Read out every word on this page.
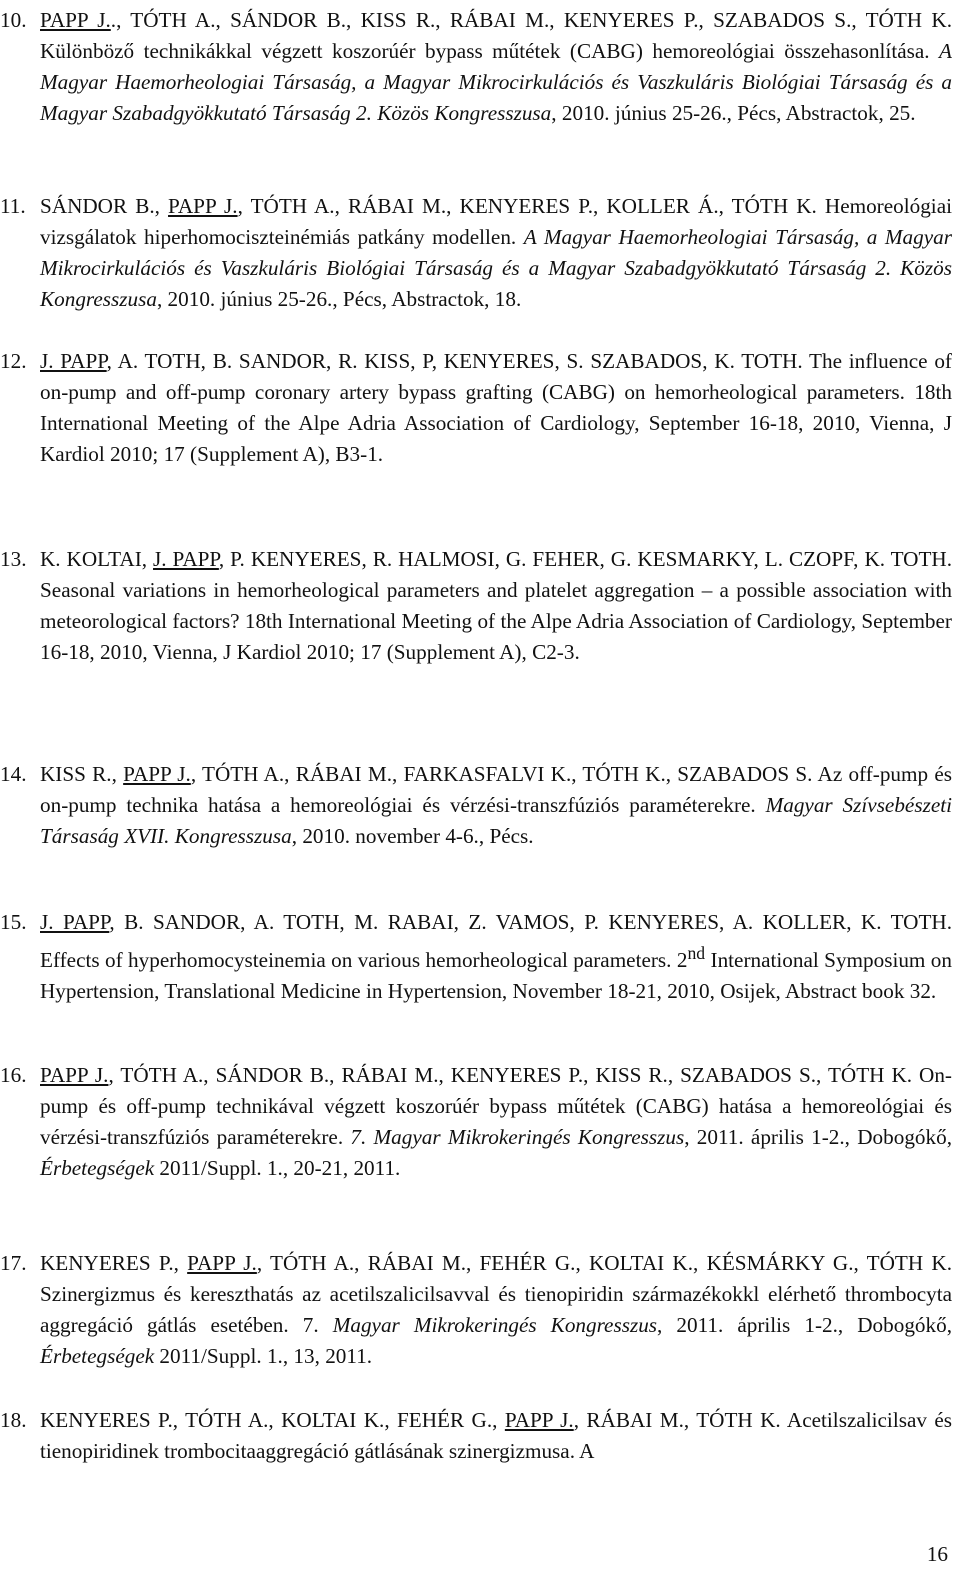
10. PAPP J.., TÓTH A., SÁNDOR B., KISS R., RÁBAI M., KENYERES P., SZABADOS S., TÓTH K. Különböző technikákkal végzett koszorúér bypass műtétek (CABG) hemoreológiai összehasonlítása. A Magyar Haemorheologiai Társaság, a Magyar Mikrocirkulációs és Vaszkuláris Biológiai Társaság és a Magyar Szabadgyökkutató Társaság 2. Közös Kongresszusa, 2010. június 25-26., Pécs, Abstractok, 25.
11. SÁNDOR B., PAPP J., TÓTH A., RÁBAI M., KENYERES P., KOLLER Á., TÓTH K. Hemoreológiai vizsgálatok hiperhomociszteinémiás patkány modellen. A Magyar Haemorheologiai Társaság, a Magyar Mikrocirkulációs és Vaszkuláris Biológiai Társaság és a Magyar Szabadgyökkutató Társaság 2. Közös Kongresszusa, 2010. június 25-26., Pécs, Abstractok, 18.
12. J. PAPP, A. TOTH, B. SANDOR, R. KISS, P, KENYERES, S. SZABADOS, K. TOTH. The influence of on-pump and off-pump coronary artery bypass grafting (CABG) on hemorheological parameters. 18th International Meeting of the Alpe Adria Association of Cardiology, September 16-18, 2010, Vienna, J Kardiol 2010; 17 (Supplement A), B3-1.
13. K. KOLTAI, J. PAPP, P. KENYERES, R. HALMOSI, G. FEHER, G. KESMARKY, L. CZOPF, K. TOTH. Seasonal variations in hemorheological parameters and platelet aggregation – a possible association with meteorological factors? 18th International Meeting of the Alpe Adria Association of Cardiology, September 16-18, 2010, Vienna, J Kardiol 2010; 17 (Supplement A), C2-3.
14. KISS R., PAPP J., TÓTH A., RÁBAI M., FARKASFALVI K., TÓTH K., SZABADOS S. Az off-pump és on-pump technika hatása a hemoreológiai és vérzési-transzfúziós paraméterekre. Magyar Szívsebészeti Társaság XVII. Kongresszusa, 2010. november 4-6., Pécs.
15. J. PAPP, B. SANDOR, A. TOTH, M. RABAI, Z. VAMOS, P. KENYERES, A. KOLLER, K. TOTH. Effects of hyperhomocysteinemia on various hemorheological parameters. 2nd International Symposium on Hypertension, Translational Medicine in Hypertension, November 18-21, 2010, Osijek, Abstract book 32.
16. PAPP J., TÓTH A., SÁNDOR B., RÁBAI M., KENYERES P., KISS R., SZABADOS S., TÓTH K. On-pump és off-pump technikával végzett koszorúér bypass műtétek (CABG) hatása a hemoreológiai és vérzési-transzfúziós paraméterekre. 7. Magyar Mikrokeringés Kongresszus, 2011. április 1-2., Dobogókő, Érbetegségek 2011/Suppl. 1., 20-21, 2011.
17. KENYERES P., PAPP J., TÓTH A., RÁBAI M., FEHÉR G., KOLTAI K., KÉSMÁRKY G., TÓTH K. Szinergizmus és kereszthatás az acetilszalicilsavval és tienopiridin származékokkl elérhető thrombocyta aggregáció gátlás esetében. 7. Magyar Mikrokeringés Kongresszus, 2011. április 1-2., Dobogókő, Érbetegségek 2011/Suppl. 1., 13, 2011.
18. KENYERES P., TÓTH A., KOLTAI K., FEHÉR G., PAPP J., RÁBAI M., TÓTH K. Acetilszalicilsav és tienopiridinek trombocitaaggregáció gátlásának szinergizmusa. A
16
